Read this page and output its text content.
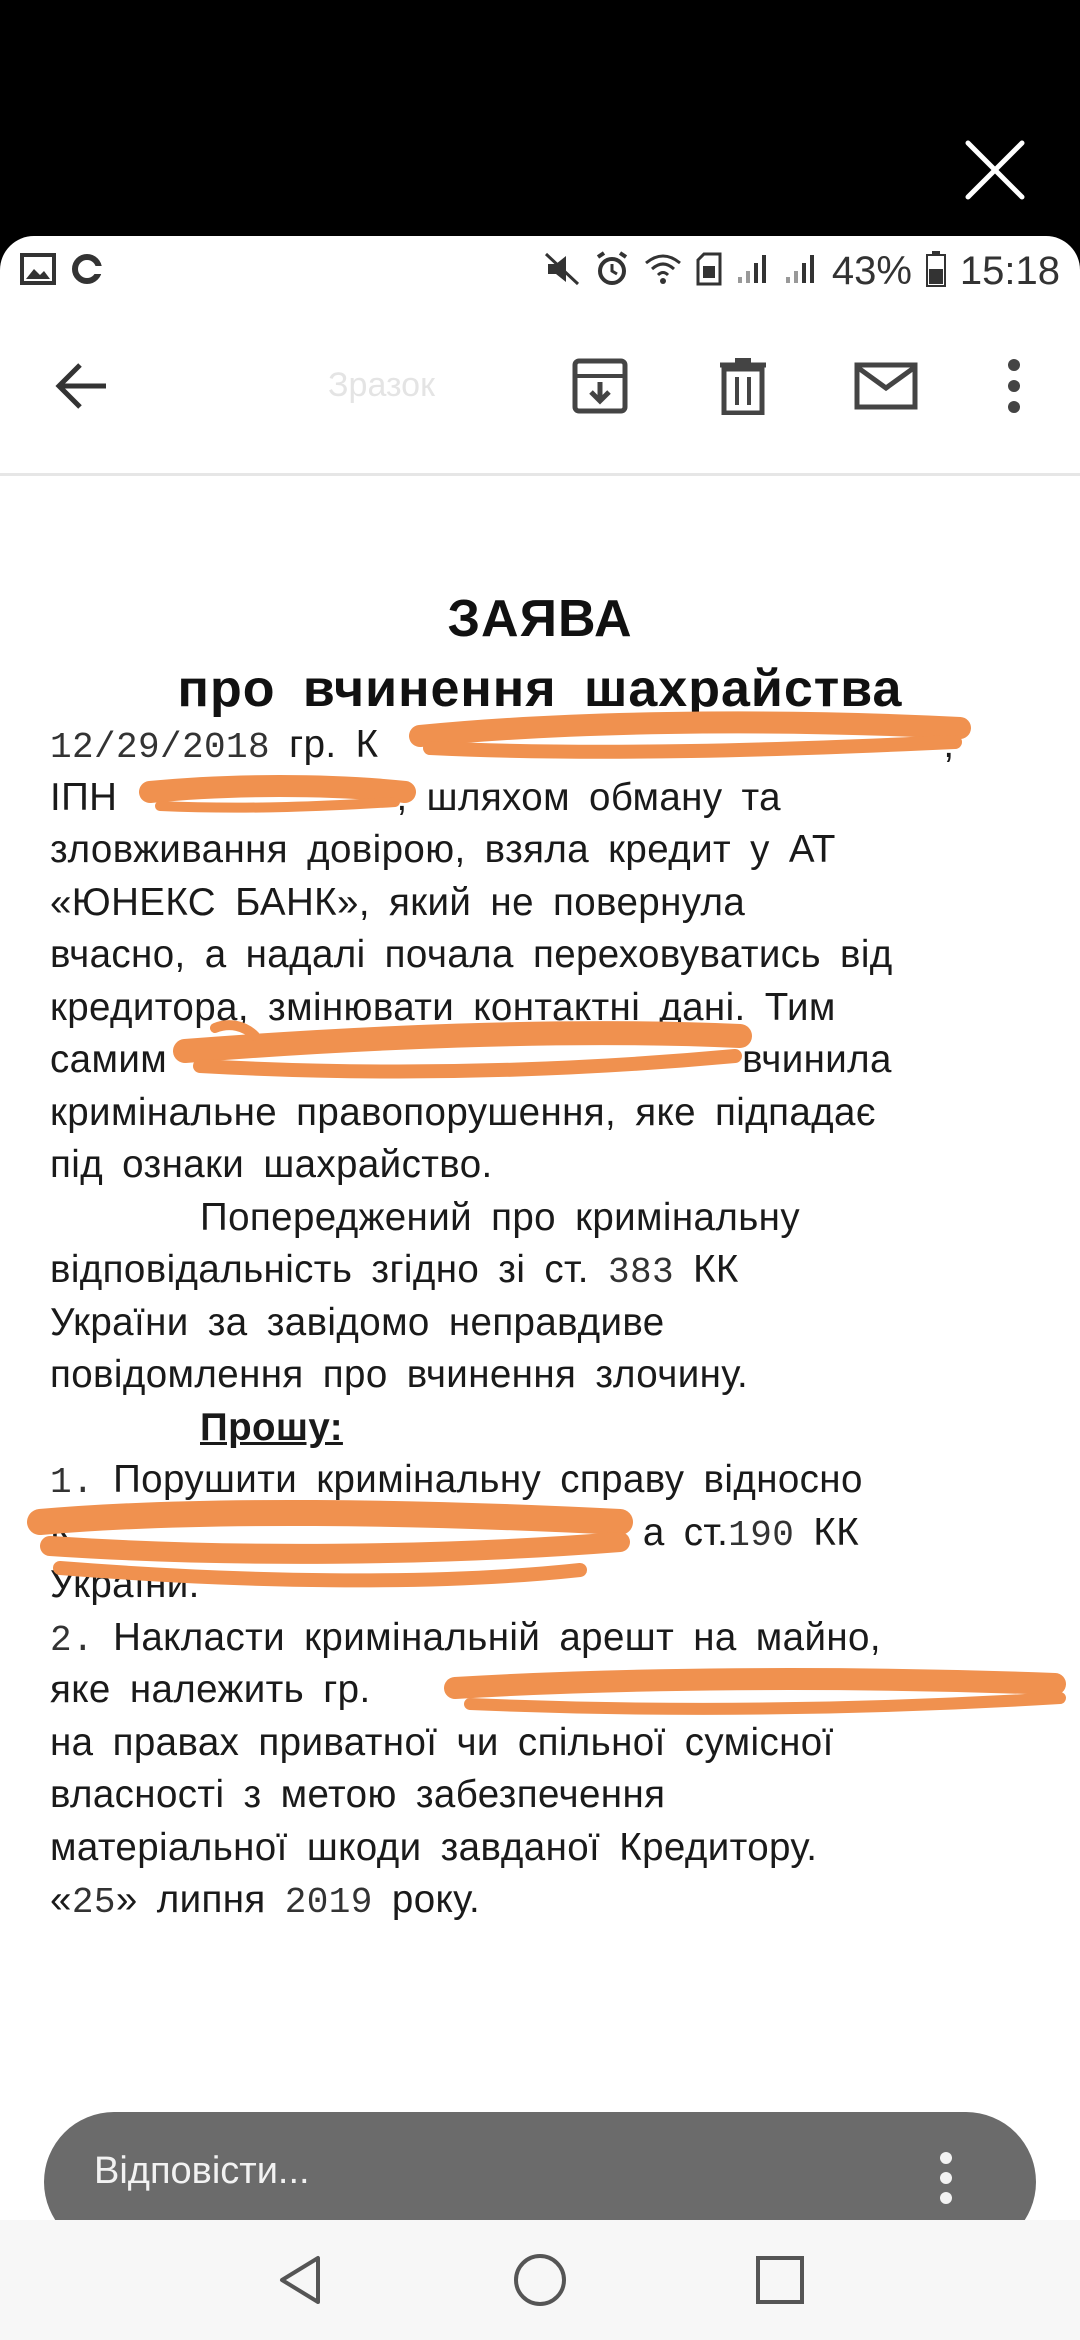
43% 15:18
Зразок
ЗАЯВА
про вчинення шахрайства
12/29/2018 гр. К	,
ІПН	, шляхом обману та
зловживання довірою, взяла кредит у АТ
«ЮНЕКС БАНК», який не повернула
вчасно, а надалі почала переховуватись від
кредитора, змінювати контактні дані. Тим
самим	вчинила
кримінальне правопорушення, яке підпадає
під ознаки шахрайство.
Попереджений про кримінальну
відповідальність згідно зі ст. 383 КК
України за завідомо неправдиве
повідомлення про вчинення злочину.
Прошу:
1. Порушити кримінальну справу відносно
К	а ст.190 КК
України.
2. Накласти кримінальній арешт на майно,
яке належить гр.
на правах приватної чи спільної сумісної
власності з метою забезпечення
матеріальної шкоди завданої Кредитору.
«25» липня 2019 року.
Відповісти...
